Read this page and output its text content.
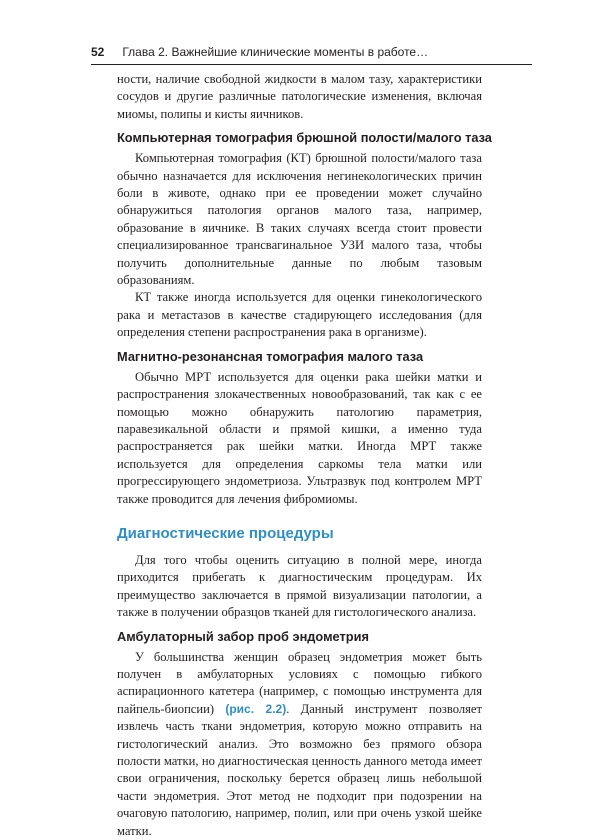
52 Глава 2. Важнейшие клинические моменты в работе…

ности, наличие свободной жидкости в малом тазу, характеристики сосудов и другие различные патологические изменения, включая миомы, полипы и кисты яичников.

Компьютерная томография брюшной полости/малого таза

Компьютерная томография (КТ) брюшной полости/малого таза обычно назначается для исключения негинекологических причин боли в животе, однако при ее проведении может случайно обнаружиться патология органов малого таза, например, образование в яичнике. В таких случаях всегда стоит провести специализированное трансвагинальное УЗИ малого таза, чтобы получить дополнительные данные по любым тазовым образованиям.

КТ также иногда используется для оценки гинекологического рака и метастазов в качестве стадирующего исследования (для определения степени распространения рака в организме).

Магнитно-резонансная томография малого таза

Обычно МРТ используется для оценки рака шейки матки и распространения злокачественных новообразований, так как с ее помощью можно обнаружить патологию параметрия, паравезикальной области и прямой кишки, а именно туда распространяется рак шейки матки. Иногда МРТ также используется для определения саркомы тела матки или прогрессирующего эндометриоза. Ультразвук под контролем МРТ также проводится для лечения фибромиомы.

Диагностические процедуры

Для того чтобы оценить ситуацию в полной мере, иногда приходится прибегать к диагностическим процедурам. Их преимущество заключается в прямой визуализации патологии, а также в получении образцов тканей для гистологического анализа.

Амбулаторный забор проб эндометрия

У большинства женщин образец эндометрия может быть получен в амбулаторных условиях с помощью гибкого аспирационного катетера (например, с помощью инструмента для пайпель-биопсии) (рис. 2.2). Данный инструмент позволяет извлечь часть ткани эндометрия, которую можно отправить на гистологический анализ. Это возможно без прямого обзора полости матки, но диагностическая ценность данного метода имеет свои ограничения, поскольку берется образец лишь небольшой части эндометрия. Этот метод не подходит при подозрении на очаговую патологию, например, полип, или при очень узкой шейке матки.
